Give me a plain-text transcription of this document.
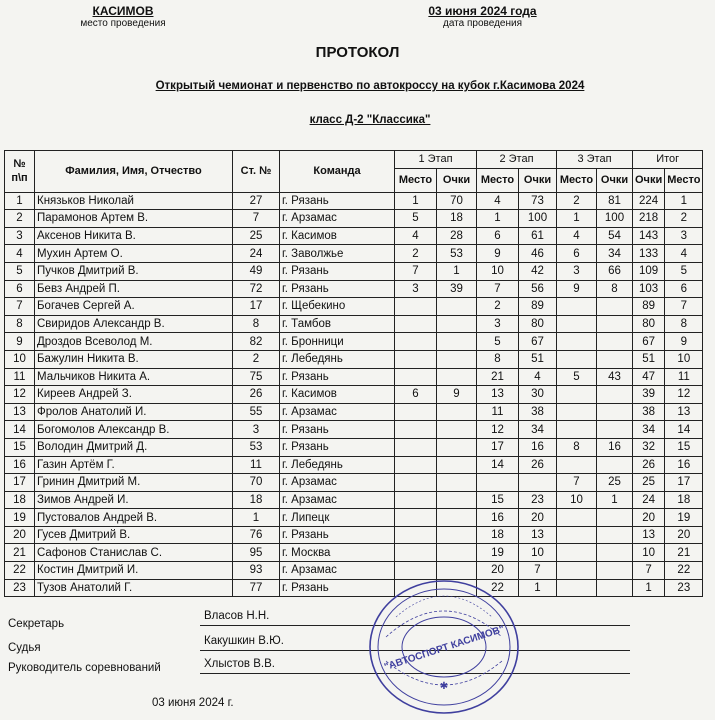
КАСИМОВ
место проведения
03 июня 2024 года
дата проведения
ПРОТОКОЛ
Открытый чемионат и первенство по автокроссу на кубок г.Касимова 2024
класс Д-2 "Классика"
№ п\п	Фамилия, Имя, Отчество	Ст. №	Команда	1 Этап		2 Этап		3 Этап		Итог	
				Место	Очки	Место	Очки	Место	Очки	Очки	Место
1	Князьков Николай	27	г. Рязань	1	70	4	73	2	81	224	1
2	Парамонов Артем В.	7	г. Арзамас	5	18	1	100	1	100	218	2
3	Аксенов Никита В.	25	г. Касимов	4	28	6	61	4	54	143	3
4	Мухин Артем О.	24	г. Заволжье	2	53	9	46	6	34	133	4
5	Пучков Дмитрий В.	49	г. Рязань	7	1	10	42	3	66	109	5
6	Бевз Андрей П.	72	г. Рязань	3	39	7	56	9	8	103	6
7	Богачев Сергей А.	17	г. Щебекино			2	89			89	7
8	Свиридов Александр В.	8	г. Тамбов			3	80			80	8
9	Дроздов Всеволод М.	82	г. Бронници			5	67			67	9
10	Бажулин Никита В.	2	г. Лебедянь			8	51			51	10
11	Мальчиков Никита А.	75	г. Рязань			21	4	5	43	47	11
12	Киреев Андрей З.	26	г. Касимов	6	9	13	30			39	12
13	Фролов Анатолий И.	55	г. Арзамас			11	38			38	13
14	Богомолов Александр В.	3	г. Рязань			12	34			34	14
15	Володин Дмитрий Д.	53	г. Рязань			17	16	8	16	32	15
16	Газин Артём Г.	11	г. Лебедянь			14	26			26	16
17	Гринин Дмитрий М.	70	г. Арзамас					7	25	25	17
18	Зимов Андрей И.	18	г. Арзамас			15	23	10	1	24	18
19	Пустовалов Андрей В.	1	г. Липецк			16	20			20	19
20	Гусев Дмитрий В.	76	г. Рязань			18	13			13	20
21	Сафонов Станислав С.	95	г. Москва			19	10			10	21
22	Костин Дмитрий И.	93	г. Арзамас			20	7			7	22
23	Тузов Анатолий Г.	77	г. Рязань			22	1			1	23
Секретарь
Власов Н.Н.
Судья
Какушкин В.Ю.
Руководитель соревнований	Хлыстов В.В.
03 июня 2024 г.
✱
"АВТОСПОРТ КАСИМОВ"
